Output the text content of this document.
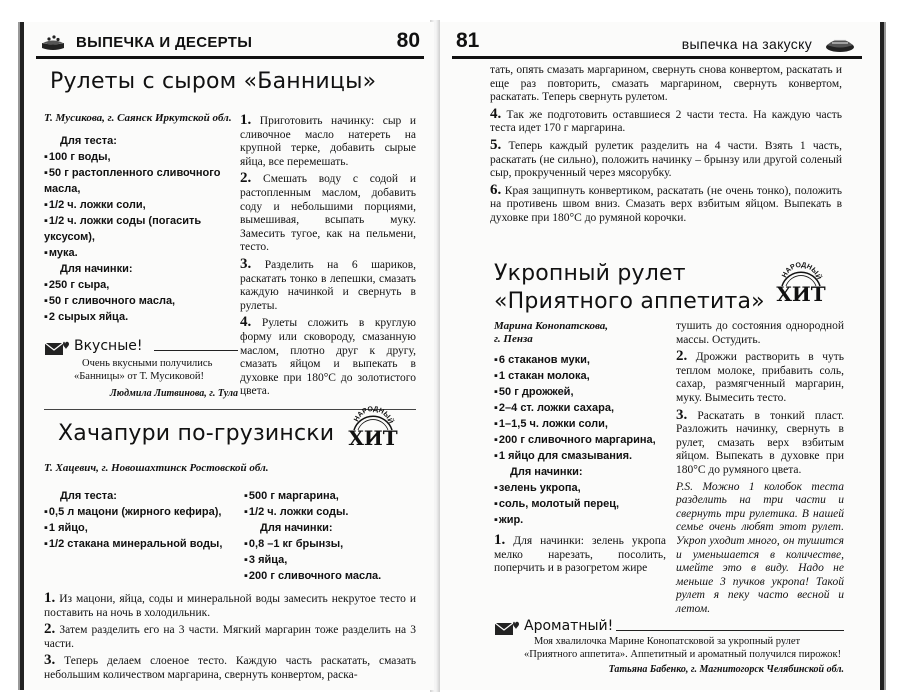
ВЫПЕЧКА И ДЕСЕРТЫ	80
Рулеты с сыром «Банницы»
Т. Мусикова, г. Саянск Иркутской обл.
Для теста:
▪ 100 г воды,
▪ 50 г растопленного сливочного масла,
▪ 1/2 ч. ложки соли,
▪ 1/2 ч. ложки соды (погасить уксусом),
▪ мука.
Для начинки:
▪ 250 г сыра,
▪ 50 г сливочного масла,
▪ 2 сырых яйца.

1. Приготовить начинку: сыр и сливочное масло натереть на крупной терке, добавить сырые яйца, все перемешать.

2. Смешать воду с содой и растопленным маслом, добавить соду и небольшими порциями, вымешивая, всыпать муку. Замесить тугое, как на пельмени, тесто.

3. Разделить на 6 шариков, раскатать тонко в лепешки, смазать каждую начинкой и свернуть в рулеты.

4. Рулеты сложить в круглую форму или сковороду, смазанную маслом, плотно друг к другу, смазать яйцом и выпекать в духовке при 180°С до золотистого цвета.

Вкусные!
Очень вкусными получились «Банницы» от Т. Мусиковой!
Людмила Литвинова, г. Тула
Хачапури по-грузински
НАРОДНЫЙ
ХИТ
Т. Хацевич, г. Новошахтинск Ростовской обл.
Для теста:
▪ 0,5 л мацони (жирного кефира),
▪ 1 яйцо,
▪ 1/2 стакана минеральной воды,
▪ 500 г маргарина,
▪ 1/2 ч. ложки соды.
Для начинки:
▪ 0,8 –1 кг брынзы,
▪ 3 яйца,
▪ 200 г сливочного масла.

1. Из мацони, яйца, соды и минеральной воды замесить некрутое тесто и поставить на ночь в холодильник.

2. Затем разделить его на 3 части. Мягкий маргарин тоже разделить на 3 части.

3. Теперь делаем слоеное тесто. Каждую часть раскатать, смазать небольшим количеством маргарина, свернуть конвертом, раска-

81	выпечка на закуску

тать, опять смазать маргарином, свернуть снова конвертом, раскатать и еще раз повторить, смазать маргарином, свернуть конвертом, раскатать. Теперь свернуть рулетом.

4. Так же подготовить оставшиеся 2 части теста. На каждую часть теста идет 170 г маргарина.

5. Теперь каждый рулетик разделить на 4 части. Взять 1 часть, раскатать (не сильно), положить начинку – брынзу или другой соленый сыр, прокрученный через мясорубку.

6. Края защипнуть конвертиком, раскатать (не очень тонко), положить на противень швом вниз. Смазать верх взбитым яйцом. Выпекать в духовке при 180°С до румяной корочки.

Укропный рулет
«Приятного аппетита»
НАРОДНЫЙ
ХИТ
Марина Конопатскова, г. Пенза
▪ 6 стаканов муки,
▪ 1 стакан молока,
▪ 50 г дрожжей,
▪ 2–4 ст. ложки сахара,
▪ 1–1,5 ч. ложки соли,
▪ 200 г сливочного маргарина,
▪ 1 яйцо для смазывания.
Для начинки:
▪ зелень укропа,
▪ соль, молотый перец,
▪ жир.

1. Для начинки: зелень укропа мелко нарезать, посолить, поперчить и в разогретом жире

тушить до состояния однородной массы. Остудить.

2. Дрожжи растворить в чуть теплом молоке, прибавить соль, сахар, размягченный маргарин, муку. Вымесить тесто.

3. Раскатать в тонкий пласт. Разложить начинку, свернуть в рулет, смазать верх взбитым яйцом. Выпекать в духовке при 180°С до румяного цвета.

P.S. Можно 1 колобок теста разделить на три части и свернуть три рулетика. В нашей семье очень любят этот рулет. Укроп уходит много, он тушится и уменьшается в количестве, имейте это в виду. Надо не меньше 3 пучков укропа! Такой рулет я пеку часто весной и летом.

Ароматный!
Моя хвалилочка Марине Конопатсковой за укропный рулет «Приятного аппетита». Аппетитный и ароматный получился пирожок!
Татьяна Бабенко, г. Магнитогорск Челябинской обл.
